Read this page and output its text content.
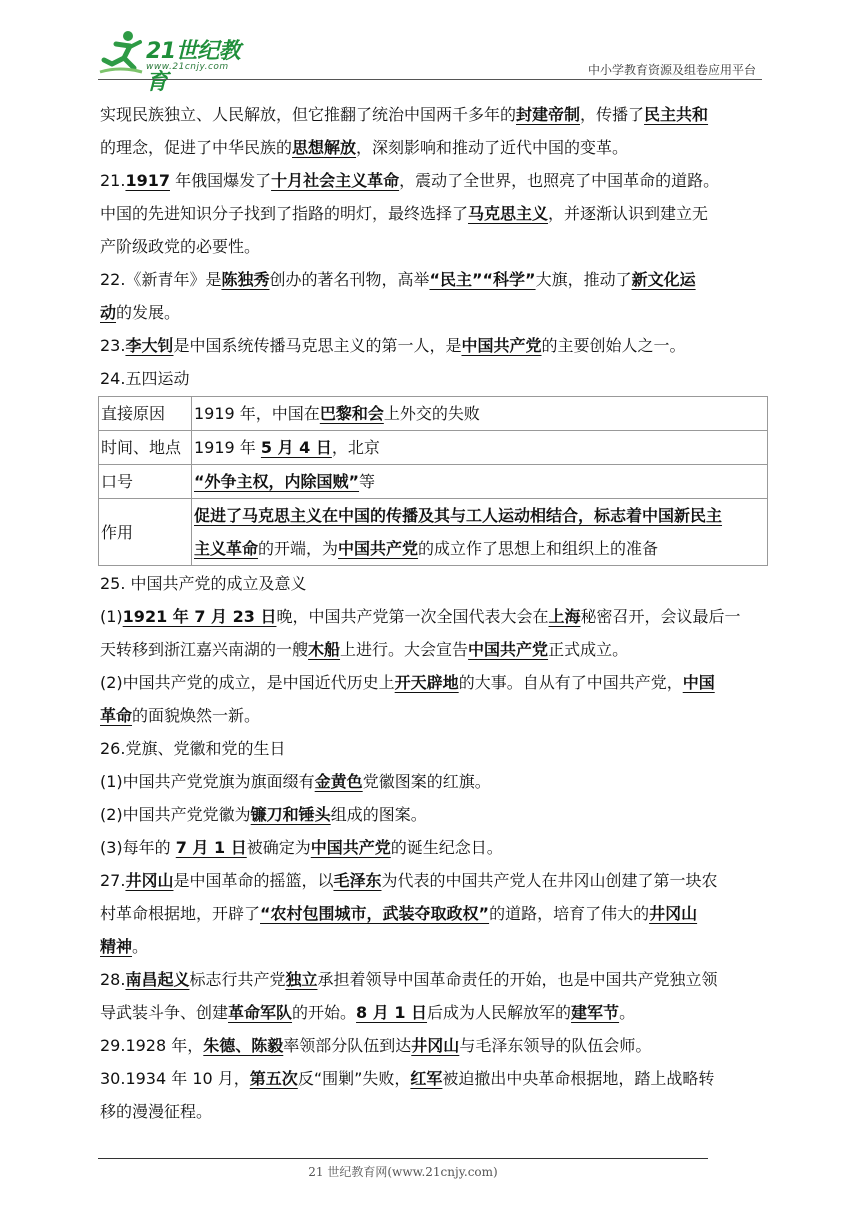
21世纪教育
www.21cnjy.com	中小学教育资源及组卷应用平台
实现民族独立、人民解放，但它推翻了统治中国两千多年的封建帝制，传播了民主共和
的理念，促进了中华民族的思想解放，深刻影响和推动了近代中国的变革。
21.1917 年俄国爆发了十月社会主义革命，震动了全世界，也照亮了中国革命的道路。
中国的先进知识分子找到了指路的明灯，最终选择了马克思主义，并逐渐认识到建立无
产阶级政党的必要性。
22.《新青年》是陈独秀创办的著名刊物，高举“民主”“科学”大旗，推动了新文化运
动的发展。
23.李大钊是中国系统传播马克思主义的第一人，是中国共产党的主要创始人之一。
24.五四运动
直接原因	1919 年，中国在巴黎和会上外交的失败
时间、地点	1919 年 5 月 4 日，北京
口号	“外争主权，内除国贼”等
作用	促进了马克思主义在中国的传播及其与工人运动相结合，标志着中国新民主
主义革命的开端，为中国共产党的成立作了思想上和组织上的准备
25. 中国共产党的成立及意义
(1)1921 年 7 月 23 日晚，中国共产党第一次全国代表大会在上海秘密召开，会议最后一
天转移到浙江嘉兴南湖的一艘木船上进行。大会宣告中国共产党正式成立。
(2)中国共产党的成立，是中国近代历史上开天辟地的大事。自从有了中国共产党，中国
革命的面貌焕然一新。
26.党旗、党徽和党的生日
(1)中国共产党党旗为旗面缀有金黄色党徽图案的红旗。
(2)中国共产党党徽为镰刀和锤头组成的图案。
(3)每年的 7 月 1 日被确定为中国共产党的诞生纪念日。
27.井冈山是中国革命的摇篮，以毛泽东为代表的中国共产党人在井冈山创建了第一块农
村革命根据地，开辟了“农村包围城市，武装夺取政权”的道路，培育了伟大的井冈山
精神。
28.南昌起义标志行共产党独立承担着领导中国革命责任的开始，也是中国共产党独立领
导武装斗争、创建革命军队的开始。8 月 1 日后成为人民解放军的建军节。
29.1928 年，朱德、陈毅率领部分队伍到达井冈山与毛泽东领导的队伍会师。
30.1934 年 10 月，第五次反“围剿”失败，红军被迫撤出中央革命根据地，踏上战略转
移的漫漫征程。
21 世纪教育网(www.21cnjy.com)
